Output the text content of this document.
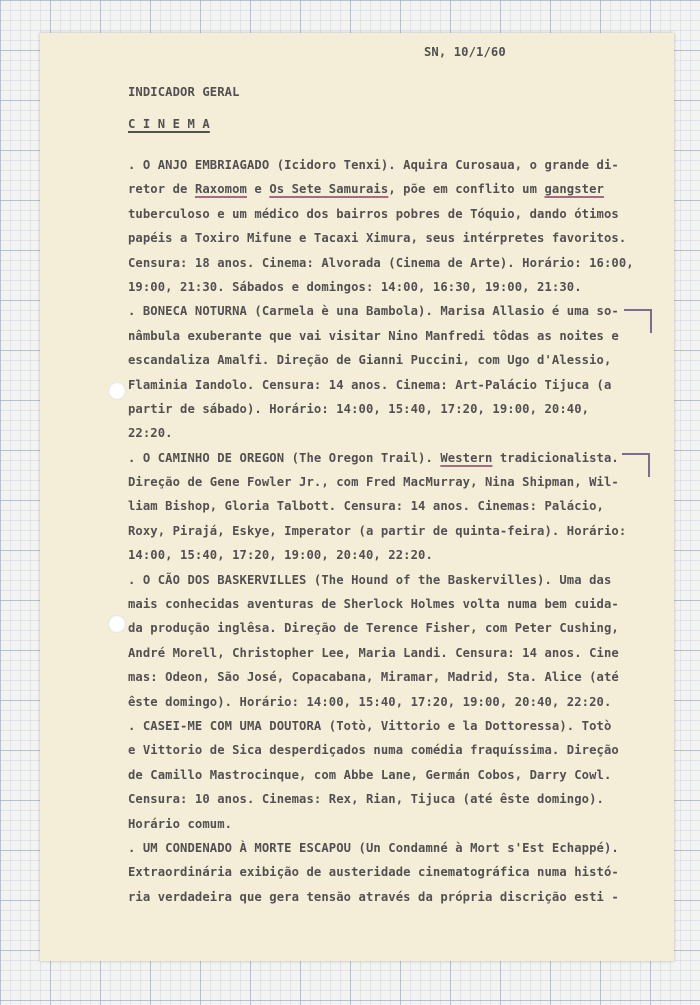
SN, 10/1/60
INDICADOR GERAL
C I N E M A
. O ANJO EMBRIAGADO (Icidoro Tenxi). Aquira Curosaua, o grande di-
retor de Raxomom e Os Sete Samurais, põe em conflito um gangster
tuberculoso e um médico dos bairros pobres de Tóquio, dando ótimos
papéis a Toxiro Mifune e Tacaxi Ximura, seus intérpretes favoritos.
Censura: 18 anos. Cinema: Alvorada (Cinema de Arte). Horário: 16:00,
19:00, 21:30. Sábados e domingos: 14:00, 16:30, 19:00, 21:30.
. BONECA NOTURNA (Carmela è una Bambola). Marisa Allasio é uma so-
nâmbula exuberante que vai visitar Nino Manfredi tôdas as noites e
escandaliza Amalfi. Direção de Gianni Puccini, com Ugo d'Alessio,
Flaminia Iandolo. Censura: 14 anos. Cinema: Art-Palácio Tijuca (a
partir de sábado). Horário: 14:00, 15:40, 17:20, 19:00, 20:40,
22:20.
. O CAMINHO DE OREGON (The Oregon Trail). Western tradicionalista.
Direção de Gene Fowler Jr., com Fred MacMurray, Nina Shipman, Wil-
liam Bishop, Gloria Talbott. Censura: 14 anos. Cinemas: Palácio,
Roxy, Pirajá, Eskye, Imperator (a partir de quinta-feira). Horário:
14:00, 15:40, 17:20, 19:00, 20:40, 22:20.
. O CÃO DOS BASKERVILLES (The Hound of the Baskervilles). Uma das
mais conhecidas aventuras de Sherlock Holmes volta numa bem cuida-
da produção inglêsa. Direção de Terence Fisher, com Peter Cushing,
André Morell, Christopher Lee, Maria Landi. Censura: 14 anos. Cine
mas: Odeon, São José, Copacabana, Miramar, Madrid, Sta. Alice (até
êste domingo). Horário: 14:00, 15:40, 17:20, 19:00, 20:40, 22:20.
. CASEI-ME COM UMA DOUTORA (Totò, Vittorio e la Dottoressa). Totò
e Vittorio de Sica desperdiçados numa comédia fraquíssima. Direção
de Camillo Mastrocinque, com Abbe Lane, Germán Cobos, Darry Cowl.
Censura: 10 anos. Cinemas: Rex, Rian, Tijuca (até êste domingo).
Horário comum.
. UM CONDENADO À MORTE ESCAPOU (Un Condamné à Mort s'Est Echappé).
Extraordinária exibição de austeridade cinematográfica numa histó-
ria verdadeira que gera tensão através da própria discrição esti -
